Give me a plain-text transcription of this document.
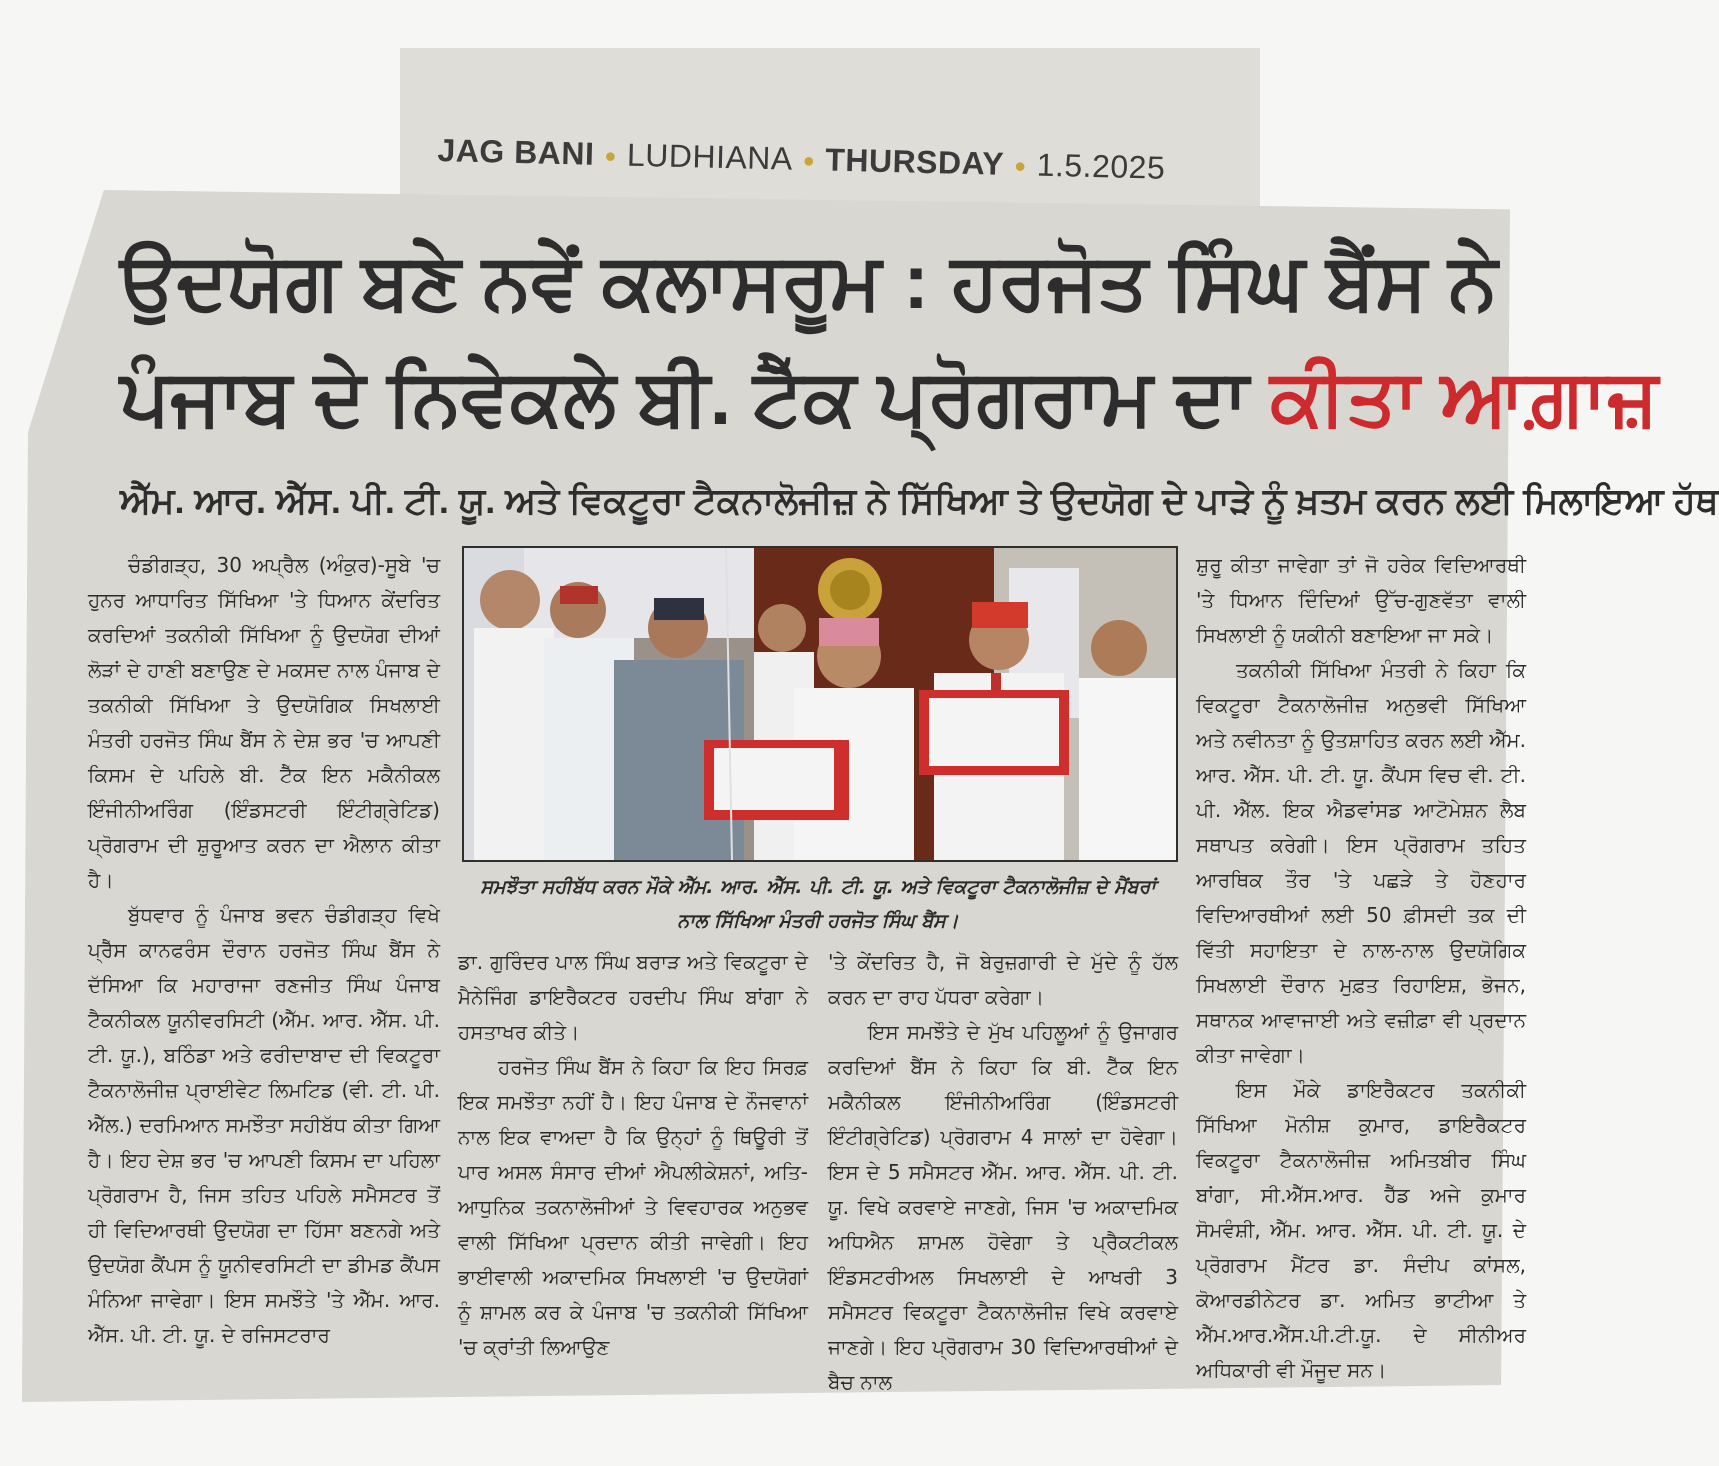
JAG BANI ● LUDHIANA ● THURSDAY ● 1.5.2025
ਉਦਯੋਗ ਬਣੇ ਨਵੇਂ ਕਲਾਸਰੂਮ : ਹਰਜੋਤ ਸਿੰਘ ਬੈਂਸ ਨੇ
ਪੰਜਾਬ ਦੇ ਨਿਵੇਕਲੇ ਬੀ. ਟੈੱਕ ਪ੍ਰੋਗਰਾਮ ਦਾ ਕੀਤਾ ਆਗ਼ਾਜ਼
ਐੱਮ. ਆਰ. ਐੱਸ. ਪੀ. ਟੀ. ਯੂ. ਅਤੇ ਵਿਕਟੂਰਾ ਟੈਕਨਾਲੋਜੀਜ਼ ਨੇ ਸਿੱਖਿਆ ਤੇ ਉਦਯੋਗ ਦੇ ਪਾੜੇ ਨੂੰ ਖ਼ਤਮ ਕਰਨ ਲਈ ਮਿਲਾਇਆ ਹੱਥ

ਚੰਡੀਗੜ੍ਹ, 30 ਅਪ੍ਰੈਲ (ਅੰਕੁਰ)-ਸੂਬੇ 'ਚ ਹੁਨਰ ਆਧਾਰਿਤ ਸਿੱਖਿਆ 'ਤੇ ਧਿਆਨ ਕੇਂਦਰਿਤ ਕਰਦਿਆਂ ਤਕਨੀਕੀ ਸਿੱਖਿਆ ਨੂੰ ਉਦਯੋਗ ਦੀਆਂ ਲੋੜਾਂ ਦੇ ਹਾਣੀ ਬਣਾਉਣ ਦੇ ਮਕਸਦ ਨਾਲ ਪੰਜਾਬ ਦੇ ਤਕਨੀਕੀ ਸਿੱਖਿਆ ਤੇ ਉਦਯੋਗਿਕ ਸਿਖਲਾਈ ਮੰਤਰੀ ਹਰਜੋਤ ਸਿੰਘ ਬੈਂਸ ਨੇ ਦੇਸ਼ ਭਰ 'ਚ ਆਪਣੀ ਕਿਸਮ ਦੇ ਪਹਿਲੇ ਬੀ. ਟੈੱਕ ਇਨ ਮਕੈਨੀਕਲ ਇੰਜੀਨੀਅਰਿੰਗ (ਇੰਡਸਟਰੀ ਇੰਟੀਗ੍ਰੇਟਿਡ) ਪ੍ਰੋਗਰਾਮ ਦੀ ਸ਼ੁਰੂਆਤ ਕਰਨ ਦਾ ਐਲਾਨ ਕੀਤਾ ਹੈ।

ਬੁੱਧਵਾਰ ਨੂੰ ਪੰਜਾਬ ਭਵਨ ਚੰਡੀਗੜ੍ਹ ਵਿਖੇ ਪ੍ਰੈੱਸ ਕਾਨਫਰੰਸ ਦੌਰਾਨ ਹਰਜੋਤ ਸਿੰਘ ਬੈਂਸ ਨੇ ਦੱਸਿਆ ਕਿ ਮਹਾਰਾਜਾ ਰਣਜੀਤ ਸਿੰਘ ਪੰਜਾਬ ਟੈਕਨੀਕਲ ਯੂਨੀਵਰਸਿਟੀ (ਐੱਮ. ਆਰ. ਐੱਸ. ਪੀ. ਟੀ. ਯੂ.), ਬਠਿੰਡਾ ਅਤੇ ਫਰੀਦਾਬਾਦ ਦੀ ਵਿਕਟੂਰਾ ਟੈਕਨਾਲੋਜੀਜ਼ ਪ੍ਰਾਈਵੇਟ ਲਿਮਟਿਡ (ਵੀ. ਟੀ. ਪੀ. ਐੱਲ.) ਦਰਮਿਆਨ ਸਮਝੌਤਾ ਸਹੀਬੱਧ ਕੀਤਾ ਗਿਆ ਹੈ। ਇਹ ਦੇਸ਼ ਭਰ 'ਚ ਆਪਣੀ ਕਿਸਮ ਦਾ ਪਹਿਲਾ ਪ੍ਰੋਗਰਾਮ ਹੈ, ਜਿਸ ਤਹਿਤ ਪਹਿਲੇ ਸਮੈਸਟਰ ਤੋਂ ਹੀ ਵਿਦਿਆਰਥੀ ਉਦਯੋਗ ਦਾ ਹਿੱਸਾ ਬਣਨਗੇ ਅਤੇ ਉਦਯੋਗ ਕੈਂਪਸ ਨੂੰ ਯੂਨੀਵਰਸਿਟੀ ਦਾ ਡੀਮਡ ਕੈਂਪਸ ਮੰਨਿਆ ਜਾਵੇਗਾ। ਇਸ ਸਮਝੌਤੇ 'ਤੇ ਐੱਮ. ਆਰ. ਐੱਸ. ਪੀ. ਟੀ. ਯੂ. ਦੇ ਰਜਿਸਟਰਾਰ

ਸਮਝੌਤਾ ਸਹੀਬੱਧ ਕਰਨ ਮੌਕੇ ਐੱਮ. ਆਰ. ਐੱਸ. ਪੀ. ਟੀ. ਯੂ. ਅਤੇ ਵਿਕਟੂਰਾ ਟੈਕਨਾਲੋਜੀਜ਼ ਦੇ ਮੈਂਬਰਾਂ ਨਾਲ ਸਿੱਖਿਆ ਮੰਤਰੀ ਹਰਜੋਤ ਸਿੰਘ ਬੈਂਸ।

ਡਾ. ਗੁਰਿੰਦਰ ਪਾਲ ਸਿੰਘ ਬਰਾੜ ਅਤੇ ਵਿਕਟੂਰਾ ਦੇ ਮੈਨੇਜਿੰਗ ਡਾਇਰੈਕਟਰ ਹਰਦੀਪ ਸਿੰਘ ਬਾਂਗਾ ਨੇ ਹਸਤਾਖਰ ਕੀਤੇ।

ਹਰਜੋਤ ਸਿੰਘ ਬੈਂਸ ਨੇ ਕਿਹਾ ਕਿ ਇਹ ਸਿਰਫ਼ ਇਕ ਸਮਝੌਤਾ ਨਹੀਂ ਹੈ। ਇਹ ਪੰਜਾਬ ਦੇ ਨੌਜਵਾਨਾਂ ਨਾਲ ਇਕ ਵਾਅਦਾ ਹੈ ਕਿ ਉਨ੍ਹਾਂ ਨੂੰ ਥਿਊਰੀ ਤੋਂ ਪਾਰ ਅਸਲ ਸੰਸਾਰ ਦੀਆਂ ਐਪਲੀਕੇਸ਼ਨਾਂ, ਅਤਿ-ਆਧੁਨਿਕ ਤਕਨਾਲੋਜੀਆਂ ਤੇ ਵਿਵਹਾਰਕ ਅਨੁਭਵ ਵਾਲੀ ਸਿੱਖਿਆ ਪ੍ਰਦਾਨ ਕੀਤੀ ਜਾਵੇਗੀ। ਇਹ ਭਾਈਵਾਲੀ ਅਕਾਦਮਿਕ ਸਿਖਲਾਈ 'ਚ ਉਦਯੋਗਾਂ ਨੂੰ ਸ਼ਾਮਲ ਕਰ ਕੇ ਪੰਜਾਬ 'ਚ ਤਕਨੀਕੀ ਸਿੱਖਿਆ 'ਚ ਕ੍ਰਾਂਤੀ ਲਿਆਉਣ

'ਤੇ ਕੇਂਦਰਿਤ ਹੈ, ਜੋ ਬੇਰੁਜ਼ਗਾਰੀ ਦੇ ਮੁੱਦੇ ਨੂੰ ਹੱਲ ਕਰਨ ਦਾ ਰਾਹ ਪੱਧਰਾ ਕਰੇਗਾ।

ਇਸ ਸਮਝੌਤੇ ਦੇ ਮੁੱਖ ਪਹਿਲੂਆਂ ਨੂੰ ਉਜਾਗਰ ਕਰਦਿਆਂ ਬੈਂਸ ਨੇ ਕਿਹਾ ਕਿ ਬੀ. ਟੈੱਕ ਇਨ ਮਕੈਨੀਕਲ ਇੰਜੀਨੀਅਰਿੰਗ (ਇੰਡਸਟਰੀ ਇੰਟੀਗ੍ਰੇਟਿਡ) ਪ੍ਰੋਗਰਾਮ 4 ਸਾਲਾਂ ਦਾ ਹੋਵੇਗਾ। ਇਸ ਦੇ 5 ਸਮੈਸਟਰ ਐੱਮ. ਆਰ. ਐੱਸ. ਪੀ. ਟੀ. ਯੂ. ਵਿਖੇ ਕਰਵਾਏ ਜਾਣਗੇ, ਜਿਸ 'ਚ ਅਕਾਦਮਿਕ ਅਧਿਐਨ ਸ਼ਾਮਲ ਹੋਵੇਗਾ ਤੇ ਪ੍ਰੈਕਟੀਕਲ ਇੰਡਸਟਰੀਅਲ ਸਿਖਲਾਈ ਦੇ ਆਖਰੀ 3 ਸਮੈਸਟਰ ਵਿਕਟੂਰਾ ਟੈਕਨਾਲੋਜੀਜ਼ ਵਿਖੇ ਕਰਵਾਏ ਜਾਣਗੇ। ਇਹ ਪ੍ਰੋਗਰਾਮ 30 ਵਿਦਿਆਰਥੀਆਂ ਦੇ ਬੈਚ ਨਾਲ

ਸ਼ੁਰੂ ਕੀਤਾ ਜਾਵੇਗਾ ਤਾਂ ਜੋ ਹਰੇਕ ਵਿਦਿਆਰਥੀ 'ਤੇ ਧਿਆਨ ਦਿੰਦਿਆਂ ਉੱਚ-ਗੁਣਵੱਤਾ ਵਾਲੀ ਸਿਖਲਾਈ ਨੂੰ ਯਕੀਨੀ ਬਣਾਇਆ ਜਾ ਸਕੇ।

ਤਕਨੀਕੀ ਸਿੱਖਿਆ ਮੰਤਰੀ ਨੇ ਕਿਹਾ ਕਿ ਵਿਕਟੂਰਾ ਟੈਕਨਾਲੋਜੀਜ਼ ਅਨੁਭਵੀ ਸਿੱਖਿਆ ਅਤੇ ਨਵੀਨਤਾ ਨੂੰ ਉਤਸ਼ਾਹਿਤ ਕਰਨ ਲਈ ਐੱਮ. ਆਰ. ਐੱਸ. ਪੀ. ਟੀ. ਯੂ. ਕੈਂਪਸ ਵਿਚ ਵੀ. ਟੀ. ਪੀ. ਐੱਲ. ਇਕ ਐਡਵਾਂਸਡ ਆਟੋਮੇਸ਼ਨ ਲੈਬ ਸਥਾਪਤ ਕਰੇਗੀ। ਇਸ ਪ੍ਰੋਗਰਾਮ ਤਹਿਤ ਆਰਥਿਕ ਤੌਰ 'ਤੇ ਪਛੜੇ ਤੇ ਹੋਣਹਾਰ ਵਿਦਿਆਰਥੀਆਂ ਲਈ 50 ਫ਼ੀਸਦੀ ਤਕ ਦੀ ਵਿੱਤੀ ਸਹਾਇਤਾ ਦੇ ਨਾਲ-ਨਾਲ ਉਦਯੋਗਿਕ ਸਿਖਲਾਈ ਦੌਰਾਨ ਮੁਫ਼ਤ ਰਿਹਾਇਸ਼, ਭੋਜਨ, ਸਥਾਨਕ ਆਵਾਜਾਈ ਅਤੇ ਵਜ਼ੀਫ਼ਾ ਵੀ ਪ੍ਰਦਾਨ ਕੀਤਾ ਜਾਵੇਗਾ।

ਇਸ ਮੌਕੇ ਡਾਇਰੈਕਟਰ ਤਕਨੀਕੀ ਸਿੱਖਿਆ ਮੋਨੀਸ਼ ਕੁਮਾਰ, ਡਾਇਰੈਕਟਰ ਵਿਕਟੂਰਾ ਟੈਕਨਾਲੋਜੀਜ਼ ਅਮਿਤਬੀਰ ਸਿੰਘ ਬਾਂਗਾ, ਸੀ.ਐੱਸ.ਆਰ. ਹੈੱਡ ਅਜੇ ਕੁਮਾਰ ਸੋਮਵੰਸ਼ੀ, ਐੱਮ. ਆਰ. ਐੱਸ. ਪੀ. ਟੀ. ਯੂ. ਦੇ ਪ੍ਰੋਗਰਾਮ ਮੈਂਟਰ ਡਾ. ਸੰਦੀਪ ਕਾਂਸਲ, ਕੋਆਰਡੀਨੇਟਰ ਡਾ. ਅਮਿਤ ਭਾਟੀਆ ਤੇ ਐੱਮ.ਆਰ.ਐੱਸ.ਪੀ.ਟੀ.ਯੂ. ਦੇ ਸੀਨੀਅਰ ਅਧਿਕਾਰੀ ਵੀ ਮੌਜੂਦ ਸਨ।
